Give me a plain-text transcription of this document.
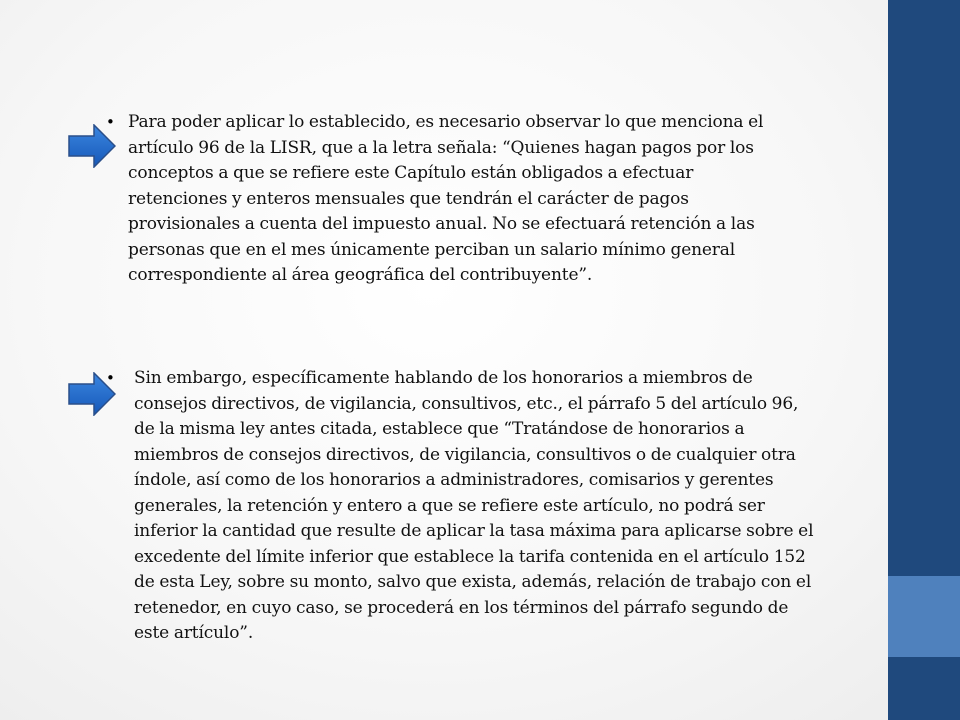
• Para poder aplicar lo establecido, es necesario observar lo que menciona el artículo 96 de la LISR, que a la letra señala: “Quienes hagan pagos por los conceptos a que se refiere este Capítulo están obligados a efectuar retenciones y enteros mensuales que tendrán el carácter de pagos provisionales a cuenta del impuesto anual. No se efectuará retención a las personas que en el mes únicamente perciban un salario mínimo general correspondiente al área geográfica del contribuyente”.

• Sin embargo, específicamente hablando de los honorarios a miembros de consejos directivos, de vigilancia, consultivos, etc., el párrafo 5 del artículo 96, de la misma ley antes citada, establece que “Tratándose de honorarios a miembros de consejos directivos, de vigilancia, consultivos o de cualquier otra índole, así como de los honorarios a administradores, comisarios y gerentes generales, la retención y entero a que se refiere este artículo, no podrá ser inferior la cantidad que resulte de aplicar la tasa máxima para aplicarse sobre el excedente del límite inferior que establece la tarifa contenida en el artículo 152 de esta Ley, sobre su monto, salvo que exista, además, relación de trabajo con el retenedor, en cuyo caso, se procederá en los términos del párrafo segundo de este artículo”.
